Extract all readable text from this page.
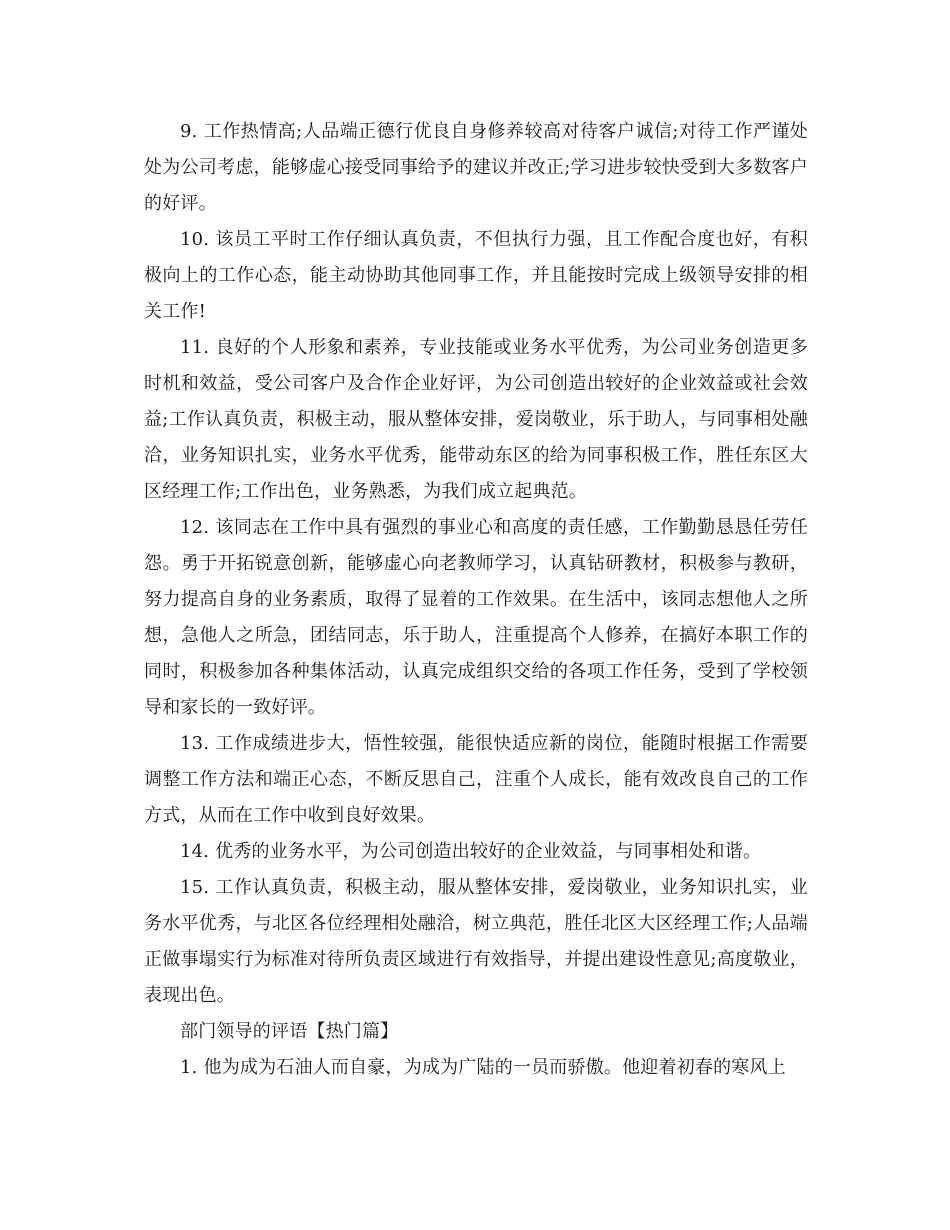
9. 工作热情高;人品端正德行优良自身修养较高对待客户诚信;对待工作严谨处处为公司考虑，能够虚心接受同事给予的建议并改正;学习进步较快受到大多数客户的好评。

10. 该员工平时工作仔细认真负责，不但执行力强，且工作配合度也好，有积极向上的工作心态，能主动协助其他同事工作，并且能按时完成上级领导安排的相关工作!

11. 良好的个人形象和素养，专业技能或业务水平优秀，为公司业务创造更多时机和效益，受公司客户及合作企业好评，为公司创造出较好的企业效益或社会效益;工作认真负责，积极主动，服从整体安排，爱岗敬业，乐于助人，与同事相处融洽，业务知识扎实，业务水平优秀，能带动东区的给为同事积极工作，胜任东区大区经理工作;工作出色，业务熟悉，为我们成立起典范。

12. 该同志在工作中具有强烈的事业心和高度的责任感，工作勤勤恳恳任劳任怨。勇于开拓锐意创新，能够虚心向老教师学习，认真钻研教材，积极参与教研，努力提高自身的业务素质，取得了显着的工作效果。在生活中，该同志想他人之所想，急他人之所急，团结同志，乐于助人，注重提高个人修养，在搞好本职工作的同时，积极参加各种集体活动，认真完成组织交给的各项工作任务，受到了学校领导和家长的一致好评。

13. 工作成绩进步大，悟性较强，能很快适应新的岗位，能随时根据工作需要调整工作方法和端正心态，不断反思自己，注重个人成长，能有效改良自己的工作方式，从而在工作中收到良好效果。

14. 优秀的业务水平，为公司创造出较好的企业效益，与同事相处和谐。

15. 工作认真负责，积极主动，服从整体安排，爱岗敬业，业务知识扎实，业务水平优秀，与北区各位经理相处融洽，树立典范，胜任北区大区经理工作;人品端正做事塌实行为标准对待所负责区域进行有效指导，并提出建设性意见;高度敬业，表现出色。

部门领导的评语【热门篇】

1. 他为成为石油人而自豪，为成为广陆的一员而骄傲。他迎着初春的寒风上
